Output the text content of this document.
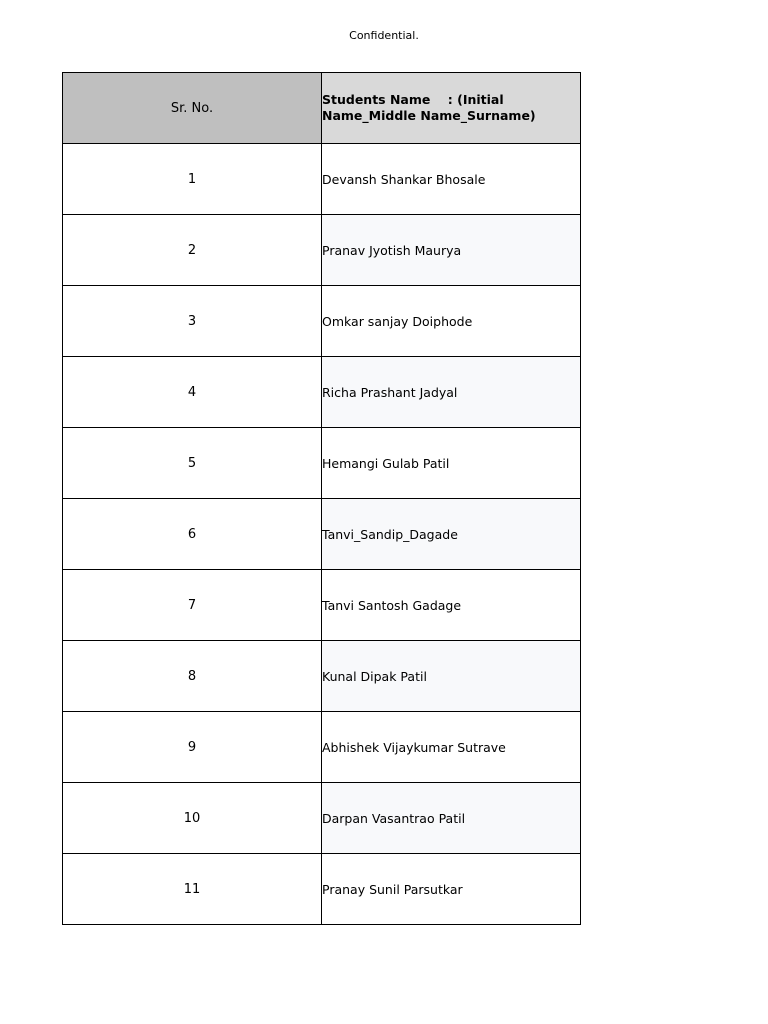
Confidential.
Sr. No.	Students Name    : (Initial Name_Middle Name_Surname)
1	Devansh Shankar Bhosale
2	Pranav Jyotish Maurya
3	Omkar sanjay Doiphode
4	Richa Prashant Jadyal
5	Hemangi Gulab Patil
6	Tanvi_Sandip_Dagade
7	Tanvi Santosh Gadage
8	Kunal Dipak Patil
9	Abhishek Vijaykumar Sutrave
10	Darpan Vasantrao Patil
11	Pranay Sunil Parsutkar
